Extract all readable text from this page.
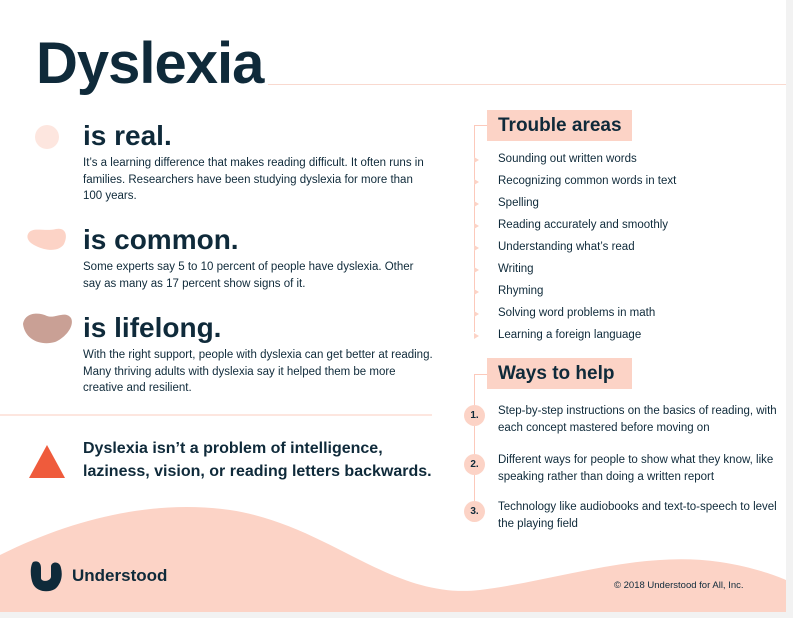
Dyslexia
is real.

It’s a learning difference that makes reading difficult. It often runs in families. Researchers have been studying dyslexia for more than 100 years.

is common.

Some experts say 5 to 10 percent of people have dyslexia. Other say as many as 17 percent show signs of it.

is lifelong.

With the right support, people with dyslexia can get better at reading. Many thriving adults with dyslexia say it helped them be more creative and resilient.

Dyslexia isn’t a problem of intelligence, laziness, vision, or reading letters backwards.
Trouble areas
Sounding out written words
Recognizing common words in text
Spelling
Reading accurately and smoothly
Understanding what’s read
Writing
Rhyming
Solving word problems in math
Learning a foreign language
Ways to help
1.	Step-by-step instructions on the basics of reading, with each concept mastered before moving on
2.	Different ways for people to show what they know, like speaking rather than doing a written report
3.	Technology like audiobooks and text-to-speech to level the playing field
Understood
© 2018 Understood for All, Inc.
